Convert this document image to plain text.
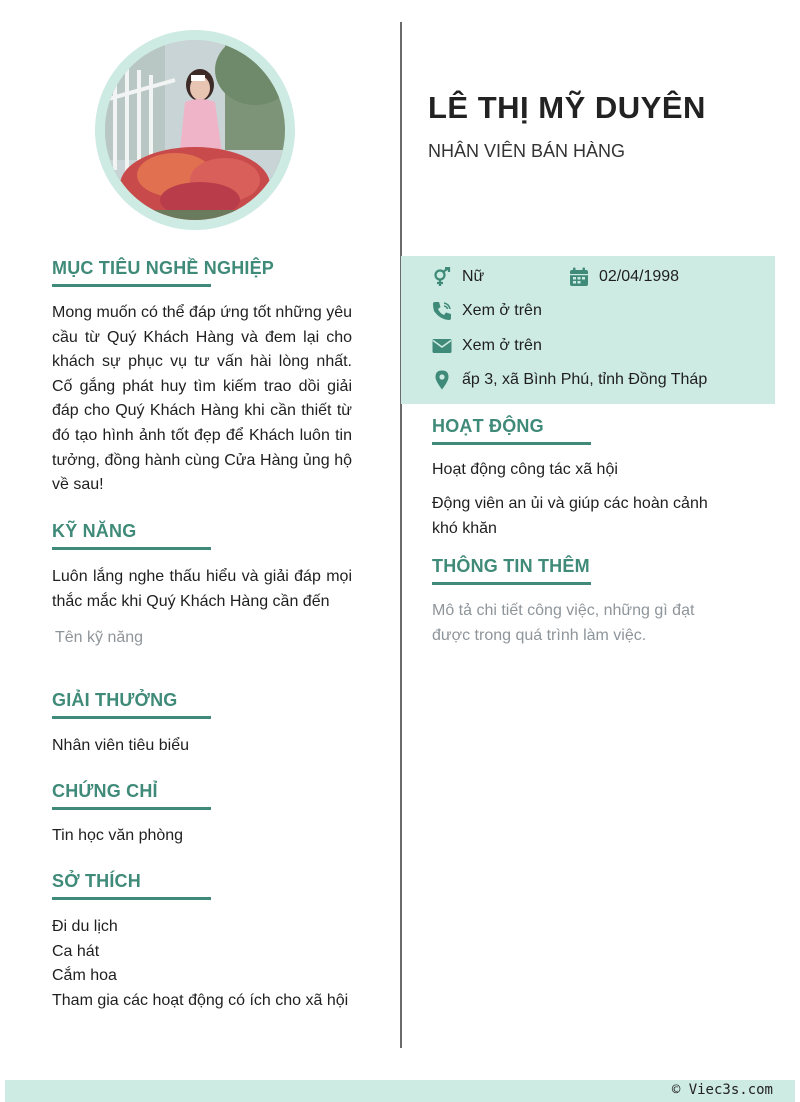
MỤC TIÊU NGHỀ NGHIỆP
Mong muốn có thể đáp ứng tốt những yêu cầu từ Quý Khách Hàng và đem lại cho khách sự phục vụ tư vấn hài lòng nhất. Cố gắng phát huy tìm kiếm trao dồi giải đáp cho Quý Khách Hàng khi cần thiết từ đó tạo hình ảnh tốt đẹp để Khách luôn tin tưởng, đồng hành cùng Cửa Hàng ủng hộ về sau!
KỸ NĂNG
Luôn lắng nghe thấu hiểu và giải đáp mọi thắc mắc khi Quý Khách Hàng cần đến
Tên kỹ năng
GIẢI THƯỞNG
Nhân viên tiêu biểu
CHỨNG CHỈ
Tin học văn phòng
SỞ THÍCH
Đi du lịch
Ca hát
Cắm hoa
Tham gia các hoạt động có ích cho xã hội
LÊ THỊ MỸ DUYÊN
NHÂN VIÊN BÁN HÀNG
Nữ	02/04/1998
Xem ở trên
Xem ở trên
ấp 3, xã Bình Phú, tỉnh Đồng Tháp
HOẠT ĐỘNG
Hoạt động công tác xã hội
Động viên an ủi và giúp các hoàn cảnh khó khăn
THÔNG TIN THÊM
Mô tả chi tiết công việc, những gì đạt được trong quá trình làm việc.
© Viec3s.com
